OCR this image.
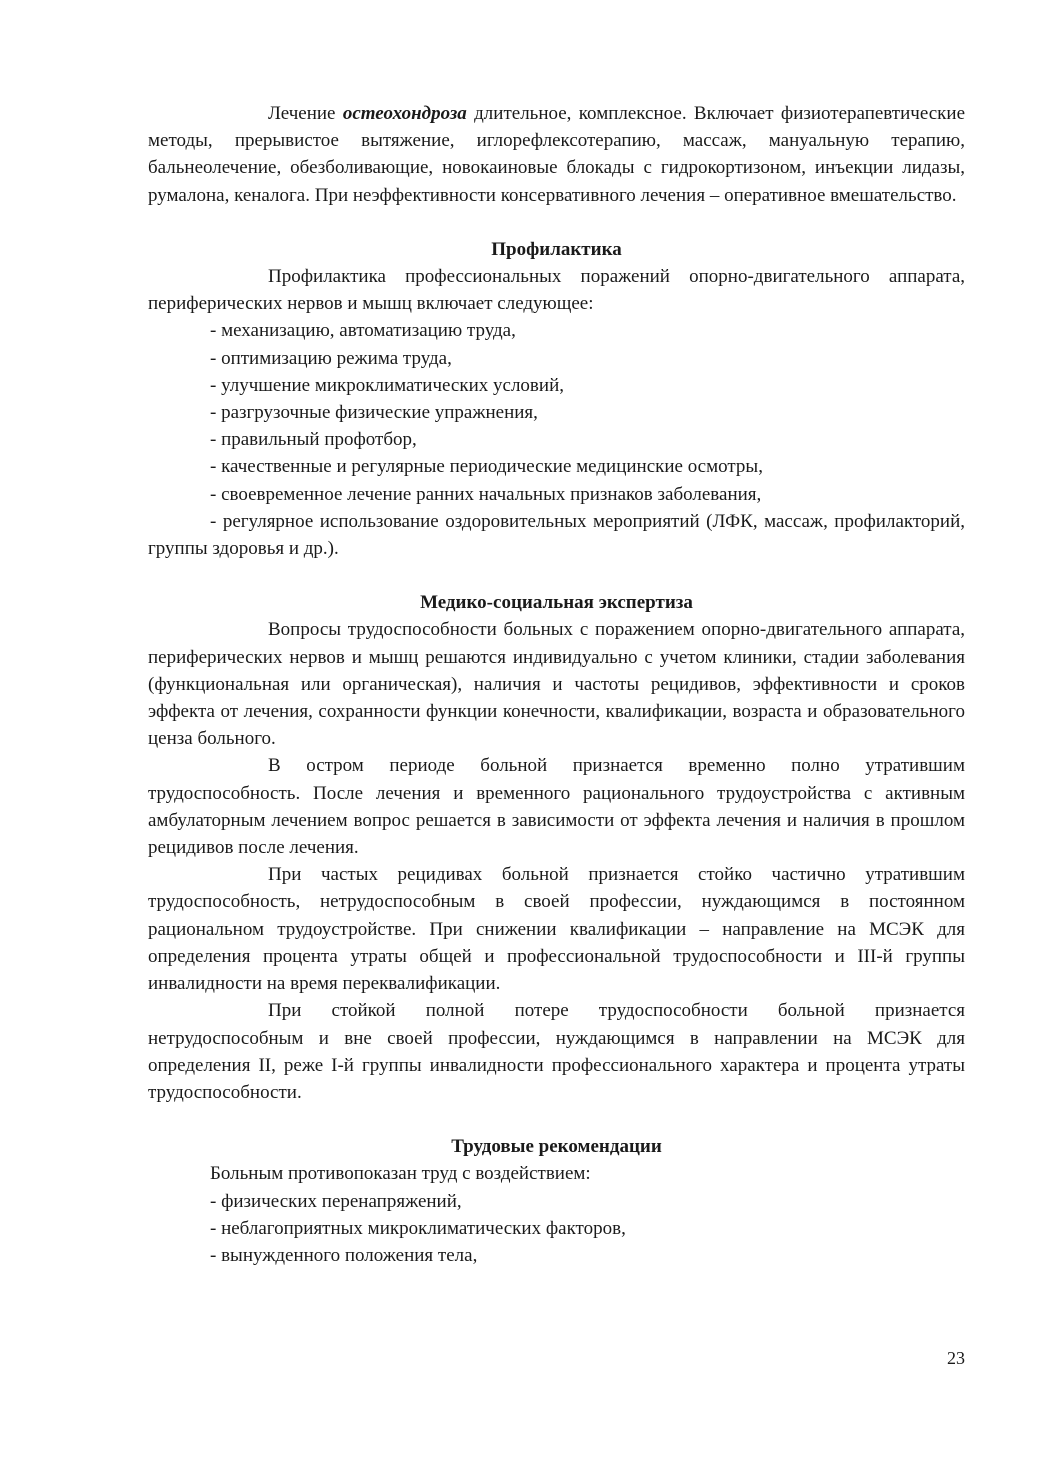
Лечение остеохондроза длительное, комплексное. Включает физиотерапевтические методы, прерывистое вытяжение, иглорефлексотерапию, массаж, мануальную терапию, бальнеолечение, обезболивающие, новокаиновые блокады с гидрокортизоном, инъекции лидазы, румалона, кеналога. При неэффективности консервативного лечения – оперативное вмешательство.

Профилактика

Профилактика профессиональных поражений опорно-двигательного аппарата, периферических нервов и мышц включает следующее:

- механизацию, автоматизацию труда,

- оптимизацию режима труда,

- улучшение микроклиматических условий,

- разгрузочные физические упражнения,

- правильный профотбор,

- качественные и регулярные периодические медицинские осмотры,

- своевременное лечение ранних начальных признаков заболевания,

- регулярное использование оздоровительных мероприятий (ЛФК, массаж, профилакторий, группы здоровья и др.).

Медико-социальная экспертиза

Вопросы трудоспособности больных с поражением опорно-двигательного аппарата, периферических нервов и мышц решаются индивидуально с учетом клиники, стадии заболевания (функциональная или органическая), наличия и частоты рецидивов, эффективности и сроков эффекта от лечения, сохранности функции конечности, квалификации, возраста и образовательного ценза больного.

В остром периоде больной признается временно полно утратившим трудоспособность. После лечения и временного рационального трудоустройства с активным амбулаторным лечением вопрос решается в зависимости от эффекта лечения и наличия в прошлом рецидивов после лечения.

При частых рецидивах больной признается стойко частично утратившим трудоспособность, нетрудоспособным в своей профессии, нуждающимся в постоянном рациональном трудоустройстве. При снижении квалификации – направление на МСЭК для определения процента утраты общей и профессиональной трудоспособности и III-й группы инвалидности на время переквалификации.

При стойкой полной потере трудоспособности больной признается нетрудоспособным и вне своей профессии, нуждающимся в направлении на МСЭК для определения II, реже I-й группы инвалидности профессионального характера и процента утраты трудоспособности.

Трудовые рекомендации

Больным противопоказан труд с воздействием:

- физических перенапряжений,

- неблагоприятных микроклиматических факторов,

- вынужденного положения тела,

23
